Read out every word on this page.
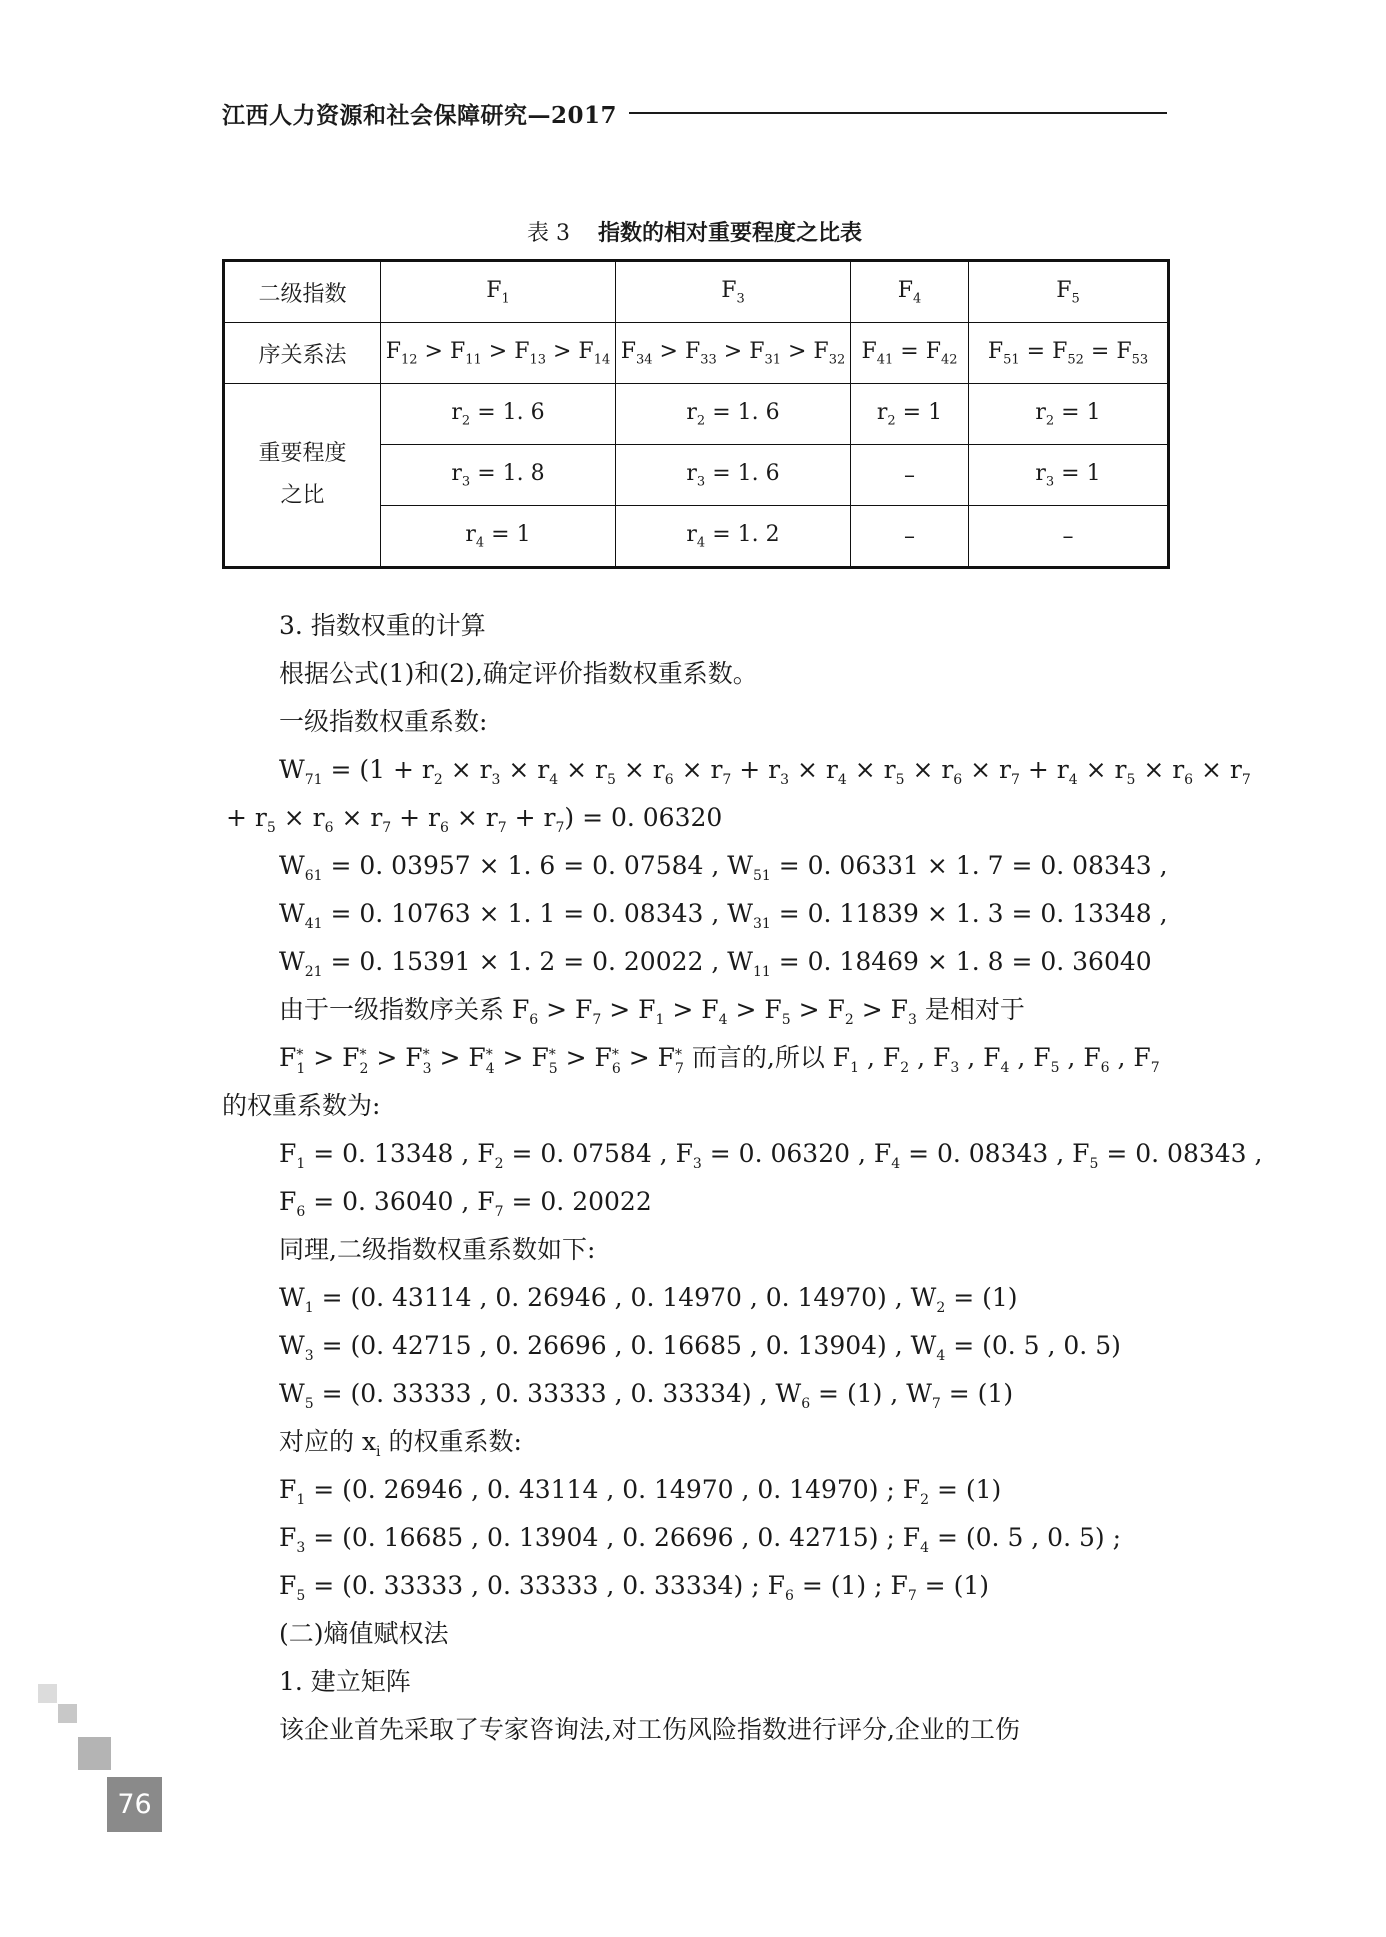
江西人力资源和社会保障研究—2017
表 3 指数的相对重要程度之比表
二级指数	$F_1$	$F_3$	$F_4$	$F_5$
序关系法	$F_{12} > F_{11} > F_{13} > F_{14}$	$F_{34} > F_{33} > F_{31} > F_{32}$	$F_{41} = F_{42}$	$F_{51} = F_{52} = F_{53}$

重要程度
之比	$r_2 = 1$. 6	$r_2 = 1$. 6	$r_2 = 1$	$r_2 = 1$
	$r_3 = 1$. 8	$r_3 = 1$. 6	–	$r_3 = 1$
	$r_4 = 1$	$r_4 = 1$. 2	–	–
3. 指数权重的计算
根据公式(1)和(2),确定评价指数权重系数。
一级指数权重系数:
$W_{71} = (1 + r_2 \times r_3 \times r_4 \times r_5 \times r_6 \times r_7 + r_3 \times r_4 \times r_5 \times r_6 \times r_7 + r_4 \times r_5 \times r_6 \times r_7$
+ $r_5 \times r_6 \times r_7 + r_6 \times r_7 + r_7) = 0$. 06320
$W_{61} = 0$. 03957 × 1. 6 = 0. 07584 , $W_{51} = 0$. 06331 × 1. 7 = 0. 08343 ,
$W_{41} = 0$. 10763 × 1. 1 = 0. 08343 , $W_{31} = 0$. 11839 × 1. 3 = 0. 13348 ,
$W_{21} = 0$. 15391 × 1. 2 = 0. 20022 , $W_{11} = 0$. 18469 × 1. 8 = 0. 36040
由于一级指数序关系 $F_6 > F_7 > F_1 > F_4 > F_5 > F_2 > F_3$ 是相对于
F *
1 > F *
2 > F *
3 > F *
4 > F *
5 > F *
6 > F *
7 而言的,所以 $F_1$ , $F_2$ , $F_3$ , $F_4$ , $F_5$ , $F_6$ , $F_7$
的权重系数为:
$F_1 = 0$. 13348 , $F_2 = 0$. 07584 , $F_3 = 0$. 06320 , $F_4 = 0$. 08343 , $F_5 = 0$. 08343 ,
$F_6 = 0$. 36040 , $F_7 = 0$. 20022
同理,二级指数权重系数如下:
$W_1 = (0$. 43114 , 0. 26946 , 0. 14970 , 0. 14970) , $W_2 = (1)$
$W_3 = (0$. 42715 , 0. 26696 , 0. 16685 , 0. 13904) , $W_4 = (0$. 5 , 0. 5)
$W_5 = (0$. 33333 , 0. 33333 , 0. 33334) , $W_6 = (1)$ , $W_7 = (1)$
对应的 $x_i$ 的权重系数:
$F_1 = (0$. 26946 , 0. 43114 , 0. 14970 , 0. 14970) ; $F_2 = (1)$
$F_3 = (0$. 16685 , 0. 13904 , 0. 26696 , 0. 42715) ; $F_4 = (0$. 5 , 0. 5) ;
$F_5 = (0$. 33333 , 0. 33333 , 0. 33334) ; $F_6 = (1)$ ; $F_7 = (1)$
(二)熵值赋权法
1. 建立矩阵
该企业首先采取了专家咨询法,对工伤风险指数进行评分,企业的工伤
76
